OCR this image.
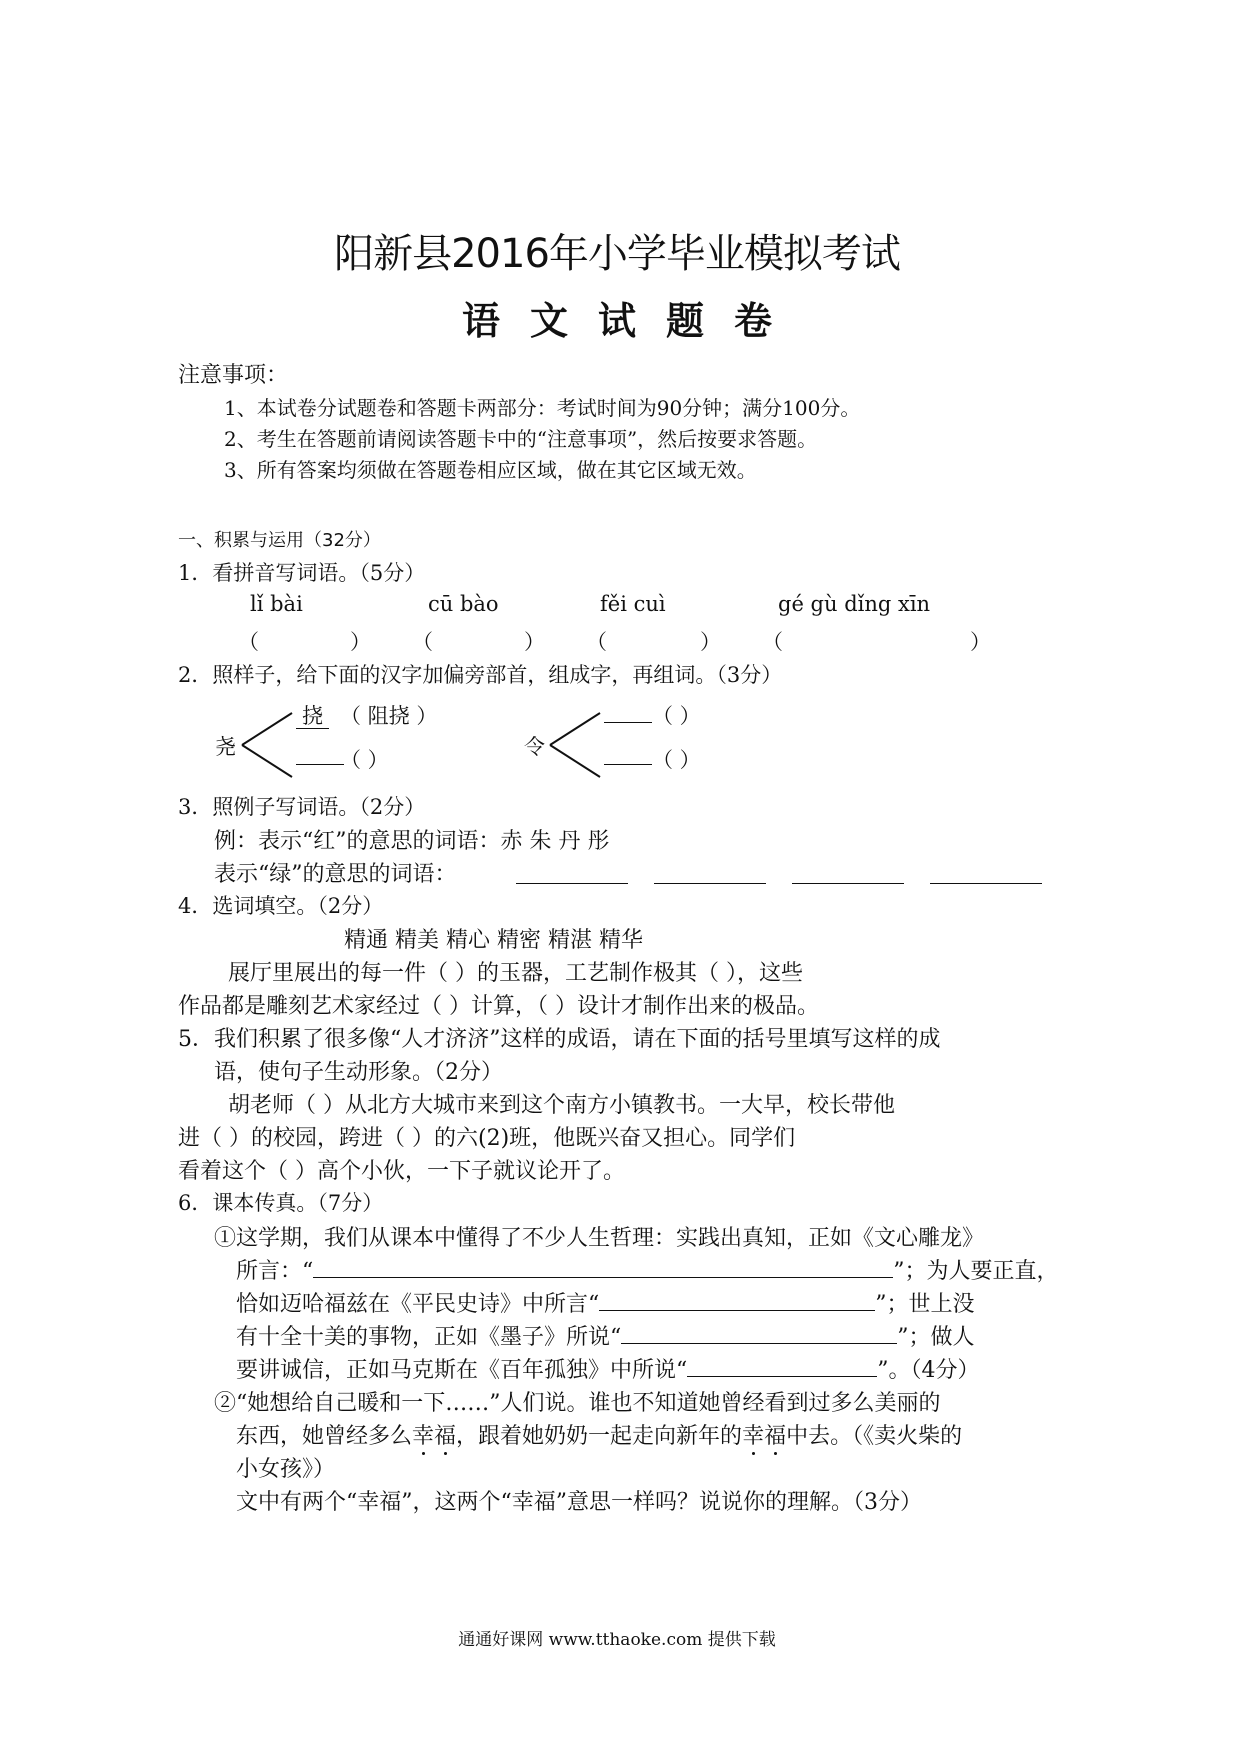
阳新县2016年小学毕业模拟考试
语文试题卷
注意事项：
1、本试卷分试题卷和答题卡两部分：考试时间为90分钟；满分100分。
2、考生在答题前请阅读答题卡中的“注意事项”，然后按要求答题。
3、所有答案均须做在答题卷相应区域，做在其它区域无效。
一、积累与运用（32分）
1．看拼音写词语。（5分）
lǐ bài	cū bào	fěi cuì	gé gù dǐng xīn
（	） （	） （	） （	）
2．照样子，给下面的汉字加偏旁部首，组成字，再组词。（3分）
尧
挠 （ 阻挠 ）
（ ）
令
（ ）
（ ）
3．照例子写词语。（2分）
例：表示“红”的意思的词语：赤 朱 丹 彤
表示“绿”的意思的词语：
4．选词填空。（2分）
精通 精美 精心 精密 精湛 精华
展厅里展出的每一件（ ）的玉器，工艺制作极其（ ），这些
作品都是雕刻艺术家经过（ ）计算，（ ）设计才制作出来的极品。
5．我们积累了很多像“人才济济”这样的成语，请在下面的括号里填写这样的成
语，使句子生动形象。（2分）
胡老师（ ）从北方大城市来到这个南方小镇教书。一大早，校长带他
进（ ）的校园，跨进（ ）的六(2)班，他既兴奋又担心。同学们
看着这个（ ）高个小伙，一下子就议论开了。
6．课本传真。（7分）
①这学期，我们从课本中懂得了不少人生哲理：实践出真知，正如《文心雕龙》
所言：“	”；为人要正直，
恰如迈哈福兹在《平民史诗》中所言“	”；世上没
有十全十美的事物，正如《墨子》所说“	”；做人
要讲诚信，正如马克斯在《百年孤独》中所说“	”。（4分）
②“她想给自己暖和一下……”人们说。谁也不知道她曾经看到过多么美丽的
东西，她曾经多么幸福，跟着她奶奶一起走向新年的幸福中去。（《卖火柴的
小女孩》）
文中有两个“幸福”，这两个“幸福”意思一样吗？说说你的理解。（3分）
通通好课网 www.tthaoke.com 提供下载
